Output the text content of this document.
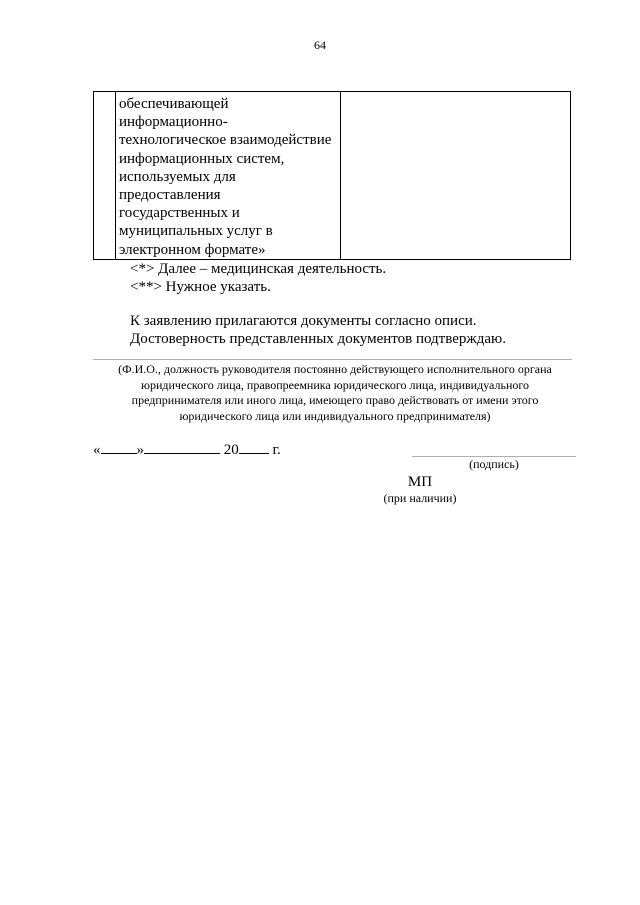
64

обеспечивающей
информационно-
технологическое взаимодействие
информационных систем,
используемых для
предоставления
государственных и
муниципальных услуг в
электронном формате»

<*> Далее – медицинская деятельность.
<**> Нужное указать.
К заявлению прилагаются документы согласно описи.
Достоверность представленных документов подтверждаю.
(Ф.И.О., должность руководителя постоянно действующего исполнительного органа юридического лица, правопреемника юридического лица, индивидуального предпринимателя или иного лица, имеющего право действовать от имени этого юридического лица или индивидуального предпринимателя)
« »	20 г.
(подпись)
МП
(при наличии)
